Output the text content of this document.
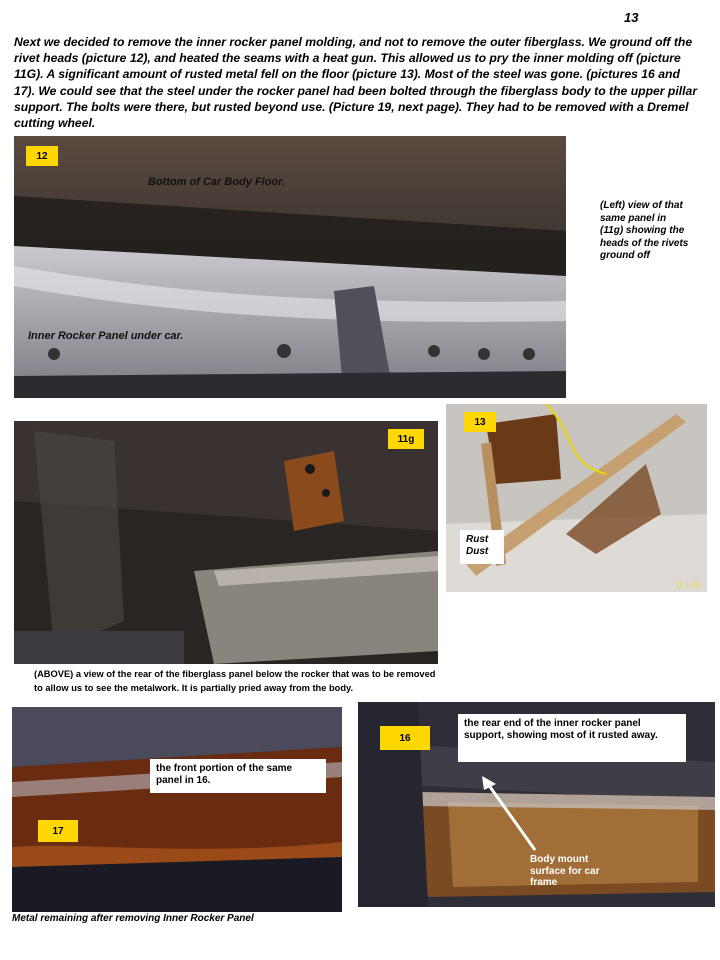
13
Next we decided to remove the inner rocker panel molding, and not to remove the outer fiberglass. We ground off the rivet heads (picture 12), and heated the seams with a heat gun. This allowed us to pry the inner molding off (picture 11G). A significant amount of rusted metal fell on the floor (picture 13). Most of the steel was gone. (pictures 16 and 17). We could see that the steel under the rocker panel had been bolted through the fiberglass body to the upper pillar support. The bolts were there, but rusted beyond use. (Picture 19, next page). They had to be removed with a Dremel cutting wheel.
12
Bottom of Car Body Floor.
Inner Rocker Panel under car.
(Left) view of that same panel in (11g) showing the heads of the rivets ground off
11g
(ABOVE) a view of the rear of the fiberglass panel below the rocker that was to be removed to allow us to see the metalwork. It is partially pried away from the body.
13
Rust Dust
11 1 05
the front portion of the same panel in 16.
17
Metal remaining after removing Inner Rocker Panel
the rear end of the inner rocker panel support, showing most of it rusted away.
16
Body mount surface for car frame
